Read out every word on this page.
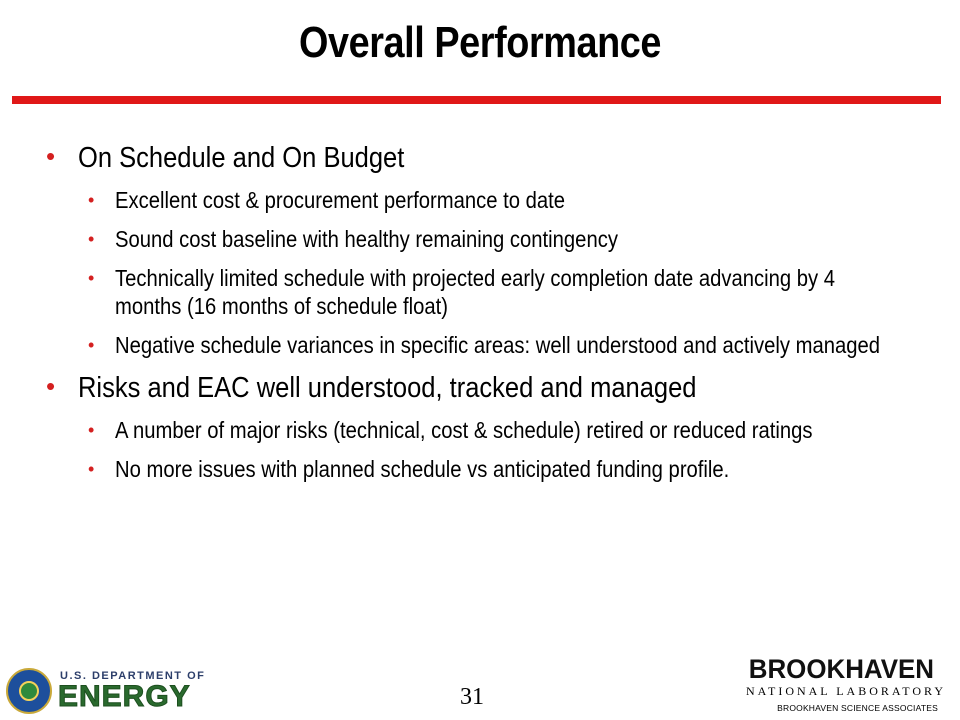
Overall Performance
• On Schedule and On Budget
• Excellent cost & procurement performance to date
• Sound cost baseline with healthy remaining contingency
• Technically limited schedule with projected early completion date advancing by 4 months (16 months of schedule float)
• Negative schedule variances in specific areas: well understood and actively managed
• Risks and EAC well understood, tracked and managed
• A number of major risks (technical, cost & schedule) retired or reduced ratings
• No more issues with planned schedule vs anticipated funding profile.
U.S. DEPARTMENT OF
ENERGY	31
BROOKHAVEN
NATIONAL LABORATORY
BROOKHAVEN SCIENCE ASSOCIATES
